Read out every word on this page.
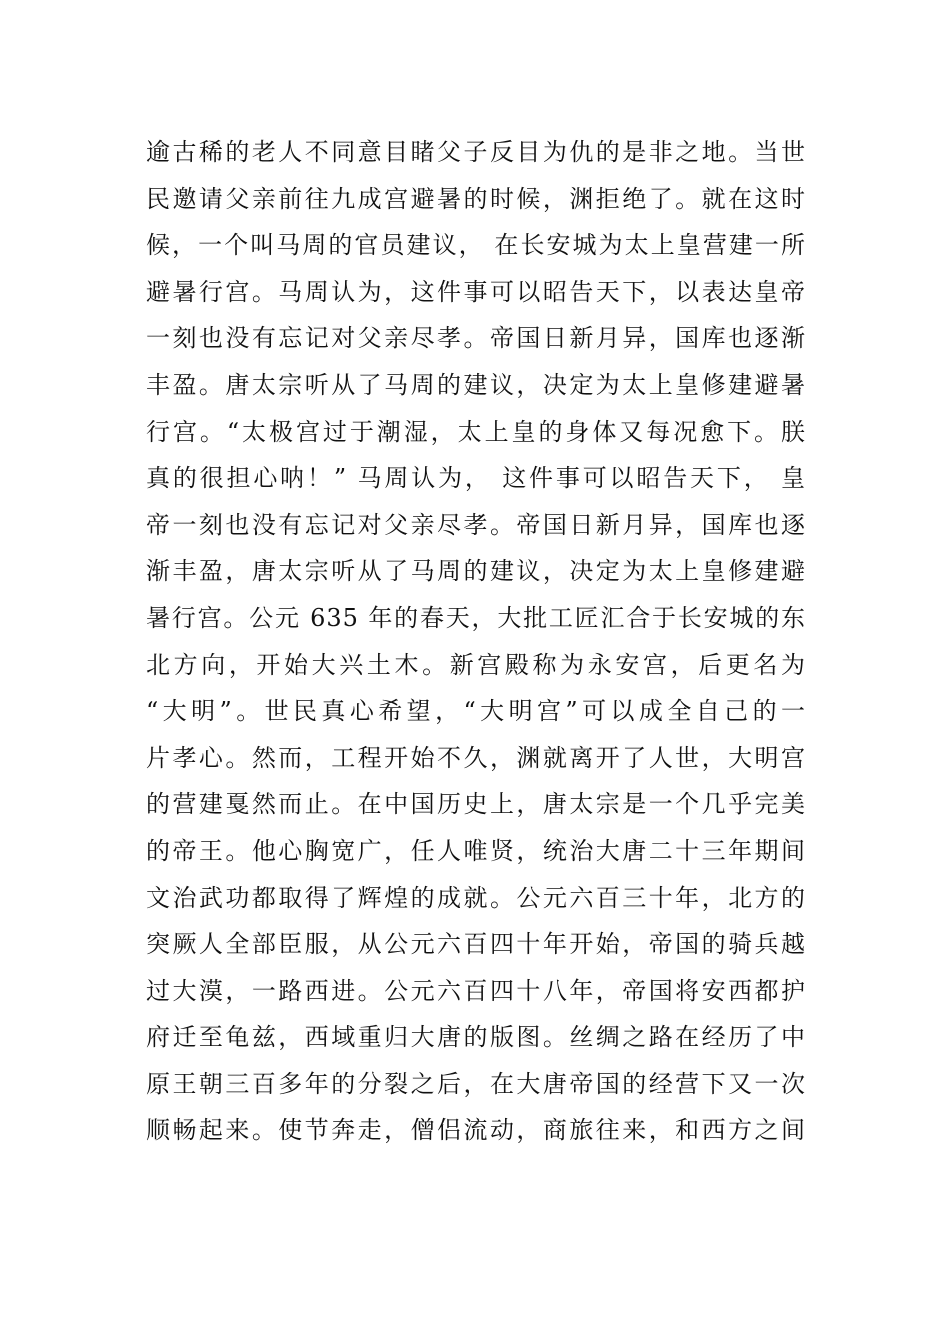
逾古稀的老人不同意目睹父子反目为仇的是非之地。当世
民邀请父亲前往九成宫避暑的时候，渊拒绝了。就在这时
候，一个叫马周的官员建议， 在长安城为太上皇营建一所
避暑行宫。马周认为，这件事可以昭告天下，以表达皇帝
一刻也没有忘记对父亲尽孝。帝国日新月异，国库也逐渐
丰盈。唐太宗听从了马周的建议，决定为太上皇修建避暑
行宫。“太极宫过于潮湿，太上皇的身体又每况愈下。朕
真的很担心呐！” 马周认为， 这件事可以昭告天下， 皇
帝一刻也没有忘记对父亲尽孝。帝国日新月异，国库也逐
渐丰盈，唐太宗听从了马周的建议，决定为太上皇修建避
暑行宫。公元 635 年的春天，大批工匠汇合于长安城的东
北方向，开始大兴土木。新宫殿称为永安宫，后更名为
“大明”。世民真心希望，“大明宫”可以成全自己的一
片孝心。然而，工程开始不久，渊就离开了人世，大明宫
的营建戛然而止。在中国历史上，唐太宗是一个几乎完美
的帝王。他心胸宽广，任人唯贤，统治大唐二十三年期间
文治武功都取得了辉煌的成就。公元六百三十年，北方的
突厥人全部臣服，从公元六百四十年开始，帝国的骑兵越
过大漠，一路西进。公元六百四十八年，帝国将安西都护
府迁至龟兹，西域重归大唐的版图。丝绸之路在经历了中
原王朝三百多年的分裂之后，在大唐帝国的经营下又一次
顺畅起来。使节奔走，僧侣流动，商旅往来，和西方之间
